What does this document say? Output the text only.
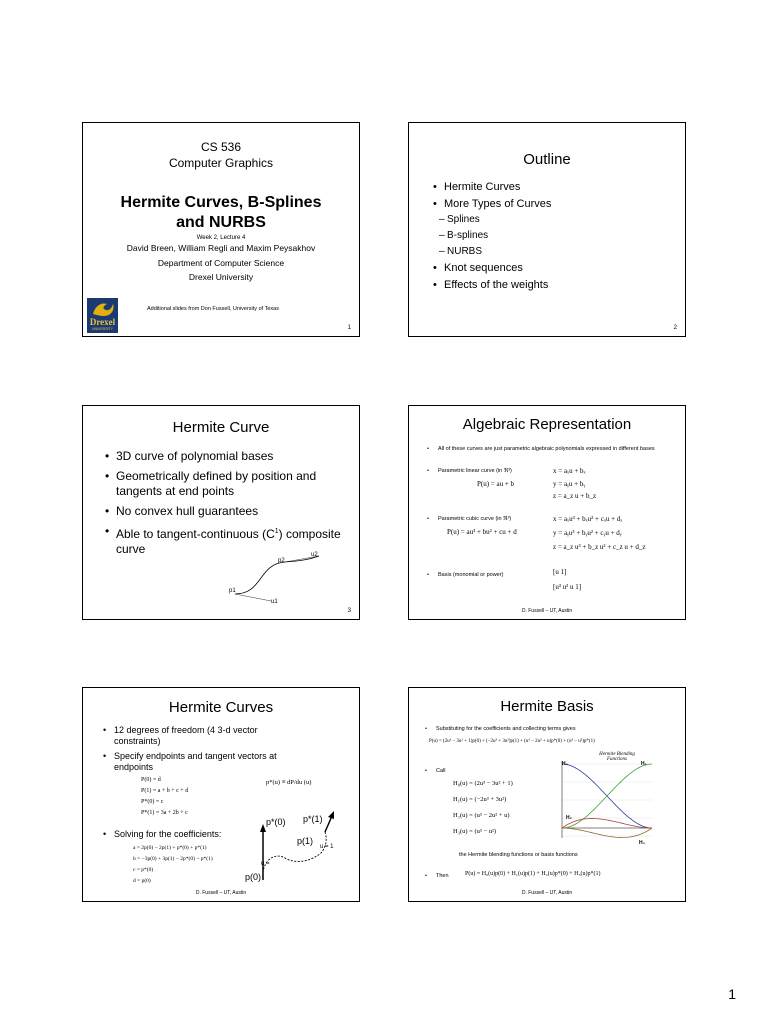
CS 536
Computer Graphics
Hermite Curves, B-Splines
and NURBS
Week 2, Lecture 4
David Breen, William Regli and Maxim Peysakhov
Department of Computer Science
Drexel University
Drexel
UNIVERSITY
Additional slides from Don Fussell, University of Texas
1
Outline
• Hermite Curves
• More Types of Curves
– Splines
– B-splines
– NURBS
• Knot sequences
• Effects of the weights
2
Hermite Curve
• 3D curve of polynomial bases
• Geometrically defined by position and tangents at end points
• No convex hull guarantees
• Able to tangent-continuous $(C^1)$ composite curve
p1
u1
p2
u2
3
Algebraic Representation
• All of these curves are just parametric algebraic polynomials expressed in different bases
• Parametric linear curve (in ℜ³)
P(u) = au + b
x = aₓu + bₓ
y = aᵧu + bᵧ
z = a_z u + b_z
• Parametric cubic curve (in ℜ³)
P(u) = au³ + bu² + cu + d
x = aₓu³ + bₓu² + cₓu + dₓ
y = aᵧu³ + bᵧu² + cᵧu + dᵧ
z = a_z u³ + b_z u² + c_z u + d_z
• Basis (monomial or power)	[u 1]
[u³ u² u 1]
D. Fussell – UT, Austin
Hermite Curves
• 12 degrees of freedom (4 3-d vector constraints)
• Specify endpoints and tangent vectors at endpoints
P(0) = d
P(1) = a + b + c + d
P*(0) = c
P*(1) = 3a + 2b + c
p*(u) ≡ dP/du (u)
• Solving for the coefficients:
a = 2p(0) − 2p(1) + p*(0) + p*(1)
b = −3p(0) + 3p(1) − 2p*(0) − p*(1)
c = p*(0)
d = p(0)
p*(0) p*(1)
p(1)
u = 1
p(0)
u =
D. Fussell – UT, Austin
Hermite Basis
• Substituting for the coefficients and collecting terms gives
P(u) = (2u³ − 3u² + 1)p(0) + (−2u³ + 3u²)p(1) + (u³ − 2u² + u)p*(0) + (u³ − u²)p*(1)
• Call
H₀(u) = (2u³ − 3u² + 1)
H₁(u) = (−2u³ + 3u²)
H₂(u) = (u³ − 2u² + u)
H₃(u) = (u³ − u²)
Hermite Blending Functions
H₀	H₁
H₂
H₃
the Hermite blending functions or basis functions
• Then	P(u) = H₀(u)p(0) + H₁(u)p(1) + H₂(u)p*(0) + H₃(u)p*(1)
D. Fussell – UT, Austin
1
